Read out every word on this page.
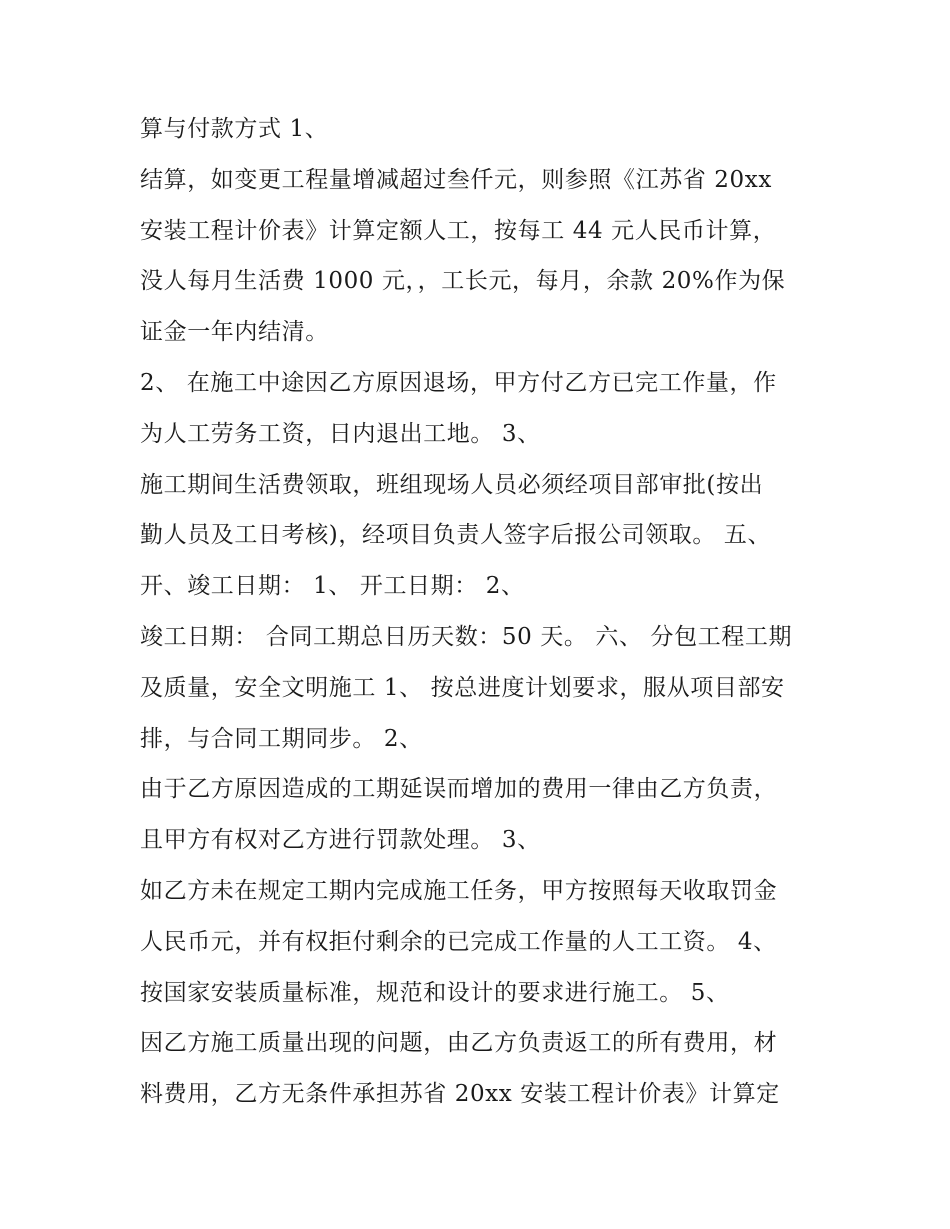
算与付款方式 1、
结算，如变更工程量增减超过叁仟元，则参照《江苏省 20xx
安装工程计价表》计算定额人工，按每工 44 元人民币计算，
没人每月生活费 1000 元，，工长元，每月，余款 20%作为保
证金一年内结清。
2、 在施工中途因乙方原因退场，甲方付乙方已完工作量，作
为人工劳务工资，日内退出工地。 3、
施工期间生活费领取，班组现场人员必须经项目部审批(按出
勤人员及工日考核)，经项目负责人签字后报公司领取。 五、
开、竣工日期： 1、 开工日期： 2、
竣工日期： 合同工期总日历天数：50 天。 六、 分包工程工期
及质量，安全文明施工 1、 按总进度计划要求，服从项目部安
排，与合同工期同步。 2、
由于乙方原因造成的工期延误而增加的费用一律由乙方负责，
且甲方有权对乙方进行罚款处理。 3、
如乙方未在规定工期内完成施工任务，甲方按照每天收取罚金
人民币元，并有权拒付剩余的已完成工作量的人工工资。 4、
按国家安装质量标准，规范和设计的要求进行施工。 5、
因乙方施工质量出现的问题，由乙方负责返工的所有费用，材
料费用，乙方无条件承担苏省 20xx 安装工程计价表》计算定
